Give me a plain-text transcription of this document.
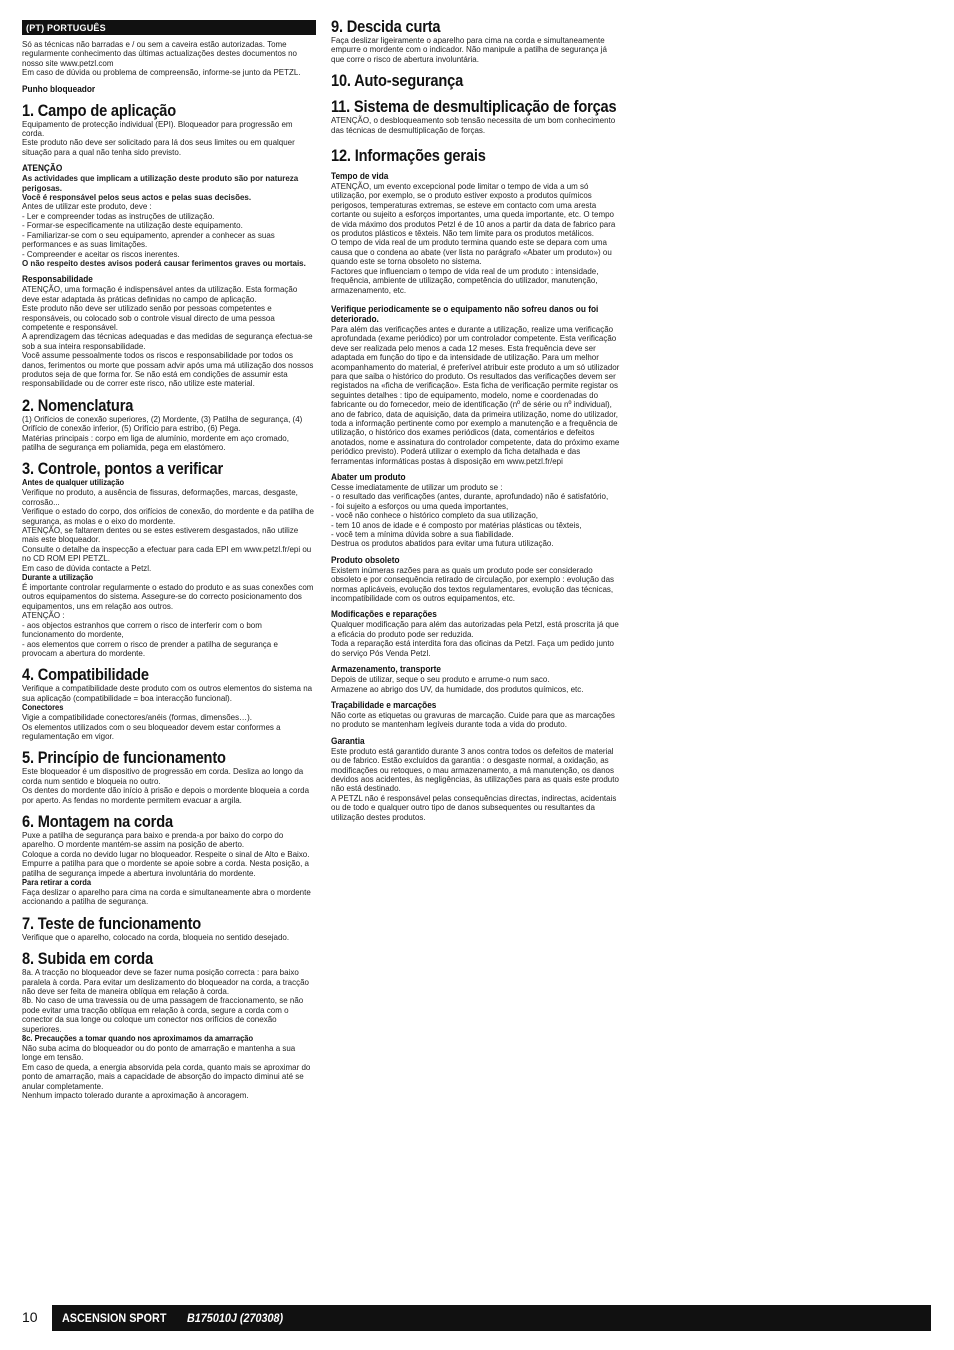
(PT) PORTUGUÊS

Só as técnicas não barradas e / ou sem a caveira estão autorizadas. Tome regularmente conhecimento das últimas actualizações destes documentos no nosso site www.petzl.com

Em caso de dúvida ou problema de compreensão, informe-se junto da PETZL.

Punho bloqueador
1. Campo de aplicação

Equipamento de protecção individual (EPI). Bloqueador para progressão em corda.

Este produto não deve ser solicitado para lá dos seus limites ou em qualquer situação para a qual não tenha sido previsto.

ATENÇÃO

As actividades que implicam a utilização deste produto são por natureza perigosas.

Você é responsável pelos seus actos e pelas suas decisões.

Antes de utilizar este produto, deve :

- Ler e compreender todas as instruções de utilização.

- Formar-se especificamente na utilização deste equipamento.

- Familiarizar-se com o seu equipamento, aprender a conhecer as suas performances e as suas limitações.

- Compreender e aceitar os riscos inerentes.

O não respeito destes avisos poderá causar ferimentos graves ou mortais.

Responsabilidade

ATENÇÃO, uma formação é indispensável antes da utilização. Esta formação deve estar adaptada às práticas definidas no campo de aplicação.

Este produto não deve ser utilizado senão por pessoas competentes e responsáveis, ou colocado sob o controle visual directo de uma pessoa competente e responsável.

A aprendizagem das técnicas adequadas e das medidas de segurança efectua-se sob a sua inteira responsabilidade.

Você assume pessoalmente todos os riscos e responsabilidade por todos os danos, ferimentos ou morte que possam advir após uma má utilização dos nossos produtos seja de que forma for. Se não está em condições de assumir esta responsabilidade ou de correr este risco, não utilize este material.

2. Nomenclatura

(1) Orifícios de conexão superiores, (2) Mordente, (3) Patilha de segurança, (4) Orifício de conexão inferior, (5) Orifício para estribo, (6) Pega.

Matérias principais : corpo em liga de alumínio, mordente em aço cromado, patilha de segurança em poliamida, pega em elastómero.

3. Controle, pontos a verificar
Antes de qualquer utilização

Verifique no produto, a ausência de fissuras, deformações, marcas, desgaste, corrosão...

Verifique o estado do corpo, dos orifícios de conexão, do mordente e da patilha de segurança, as molas e o eixo do mordente.

ATENÇÃO, se faltarem dentes ou se estes estiverem desgastados, não utilize mais este bloqueador.

Consulte o detalhe da inspecção a efectuar para cada EPI em www.petzl.fr/epi ou no CD ROM EPI PETZL.

Em caso de dúvida contacte a Petzl.

Durante a utilização

É importante controlar regularmente o estado do produto e as suas conexões com outros equipamentos do sistema. Assegure-se do correcto posicionamento dos equipamentos, uns em relação aos outros.

ATENÇÃO :

- aos objectos estranhos que correm o risco de interferir com o bom funcionamento do mordente,

- aos elementos que correm o risco de prender a patilha de segurança e provocam a abertura do mordente.

4. Compatibilidade

Verifique a compatibilidade deste produto com os outros elementos do sistema na sua aplicação (compatibilidade = boa interacção funcional).

Conectores

Vigie a compatibilidade conectores/anéis (formas, dimensões…).

Os elementos utilizados com o seu bloqueador devem estar conformes a regulamentação em vigor.

5. Princípio de funcionamento

Este bloqueador é um dispositivo de progressão em corda. Desliza ao longo da corda num sentido e bloqueia no outro.

Os dentes do mordente dão início à prisão e depois o mordente bloqueia a corda por aperto. As fendas no mordente permitem evacuar a argila.

6. Montagem na corda

Puxe a patilha de segurança para baixo e prenda-a por baixo do corpo do aparelho. O mordente mantém-se assim na posição de aberto.

Coloque a corda no devido lugar no bloqueador. Respeite o sinal de Alto e Baixo. Empurre a patilha para que o mordente se apoie sobre a corda. Nesta posição, a patilha de segurança impede a abertura involuntária do mordente.

Para retirar a corda

Faça deslizar o aparelho para cima na corda e simultaneamente abra o mordente accionando a patilha de segurança.

7. Teste de funcionamento

Verifique que o aparelho, colocado na corda, bloqueia no sentido desejado.

8. Subida em corda

8a. A tracção no bloqueador deve se fazer numa posição correcta : para baixo paralela à corda. Para evitar um deslizamento do bloqueador na corda, a tracção não deve ser feita de maneira oblíqua em relação à corda.

8b. No caso de uma travessia ou de uma passagem de fraccionamento, se não pode evitar uma tracção oblíqua em relação à corda, segure a corda com o conector da sua longe ou coloque um conector nos orifícios de conexão superiores.

8c. Precauções a tomar quando nos aproximamos da amarração

Não suba acima do bloqueador ou do ponto de amarração e mantenha a sua longe em tensão.

Em caso de queda, a energia absorvida pela corda, quanto mais se aproximar do ponto de amarração, mais a capacidade de absorção do impacto diminui até se anular completamente.

Nenhum impacto tolerado durante a aproximação à ancoragem.

9. Descida curta

Faça deslizar ligeiramente o aparelho para cima na corda e simultaneamente empurre o mordente com o indicador. Não manipule a patilha de segurança já que corre o risco de abertura involuntária.

10. Auto-segurança
11. Sistema de desmultiplicação de forças

ATENÇÃO, o desbloqueamento sob tensão necessita de um bom conhecimento das técnicas de desmultiplicação de forças.

12. Informações gerais
Tempo de vida

ATENÇÃO, um evento excepcional pode limitar o tempo de vida a um só utilização, por exemplo, se o produto estiver exposto a produtos químicos perigosos, temperaturas extremas, se esteve em contacto com uma aresta cortante ou sujeito a esforços importantes, uma queda importante, etc. O tempo de vida máximo dos produtos Petzl é de 10 anos a partir da data de fabrico para os produtos plásticos e têxteis. Não tem limite para os produtos metálicos.

O tempo de vida real de um produto termina quando este se depara com uma causa que o condena ao abate (ver lista no parágrafo «Abater um produto») ou quando este se torna obsoleto no sistema.

Factores que influenciam o tempo de vida real de um produto : intensidade, frequência, ambiente de utilização, competência do utilizador, manutenção, armazenamento, etc.

Verifique periodicamente se o equipamento não sofreu danos ou foi deteriorado.

Para além das verificações antes e durante a utilização, realize uma verificação aprofundada (exame periódico) por um controlador competente. Esta verificação deve ser realizada pelo menos a cada 12 meses. Esta frequência deve ser adaptada em função do tipo e da intensidade de utilização. Para um melhor acompanhamento do material, é preferível atribuir este produto a um só utilizador para que saiba o histórico do produto. Os resultados das verificações devem ser registados na «ficha de verificação». Esta ficha de verificação permite registar os seguintes detalhes : tipo de equipamento, modelo, nome e coordenadas do fabricante ou do fornecedor, meio de identificação (nº de série ou nº individual), ano de fabrico, data de aquisição, data da primeira utilização, nome do utilizador, toda a informação pertinente como por exemplo a manutenção e a frequência de utilização, o histórico dos exames periódicos (data, comentários e defeitos anotados, nome e assinatura do controlador competente, data do próximo exame periódico previsto). Poderá utilizar o exemplo da ficha detalhada e das ferramentas informáticas postas à disposição em www.petzl.fr/epi

Abater um produto

Cesse imediatamente de utilizar um produto se :

- o resultado das verificações (antes, durante, aprofundado) não é satisfatório,

- foi sujeito a esforços ou uma queda importantes,

- você não conhece o histórico completo da sua utilização,

- tem 10 anos de idade e é composto por matérias plásticas ou têxteis,

- você tem a mínima dúvida sobre a sua fiabilidade.

Destrua os produtos abatidos para evitar uma futura utilização.

Produto obsoleto

Existem inúmeras razões para as quais um produto pode ser considerado obsoleto e por consequência retirado de circulação, por exemplo : evolução das normas aplicáveis, evolução dos textos regulamentares, evolução das técnicas, incompatibilidade com os outros equipamentos, etc.

Modificações e reparações

Qualquer modificação para além das autorizadas pela Petzl, está proscrita já que a eficácia do produto pode ser reduzida.

Toda a reparação está interdita fora das oficinas da Petzl. Faça um pedido junto do serviço Pós Venda Petzl.

Armazenamento, transporte

Depois de utilizar, seque o seu produto e arrume-o num saco.

Armazene ao abrigo dos UV, da humidade, dos produtos químicos, etc.

Traçabilidade e marcações

Não corte as etiquetas ou gravuras de marcação. Cuide para que as marcações no produto se mantenham legíveis durante toda a vida do produto.

Garantia

Este produto está garantido durante 3 anos contra todos os defeitos de material ou de fabrico. Estão excluídos da garantia : o desgaste normal, a oxidação, as modificações ou retoques, o mau armazenamento, a má manutenção, os danos devidos aos acidentes, às negligências, às utilizações para as quais este produto não está destinado.

A PETZL não é responsável pelas consequências directas, indirectas, acidentais ou de todo e qualquer outro tipo de danos subsequentes ou resultantes da utilização destes produtos.

10 ASCENSION SPORT B175010J (270308)
